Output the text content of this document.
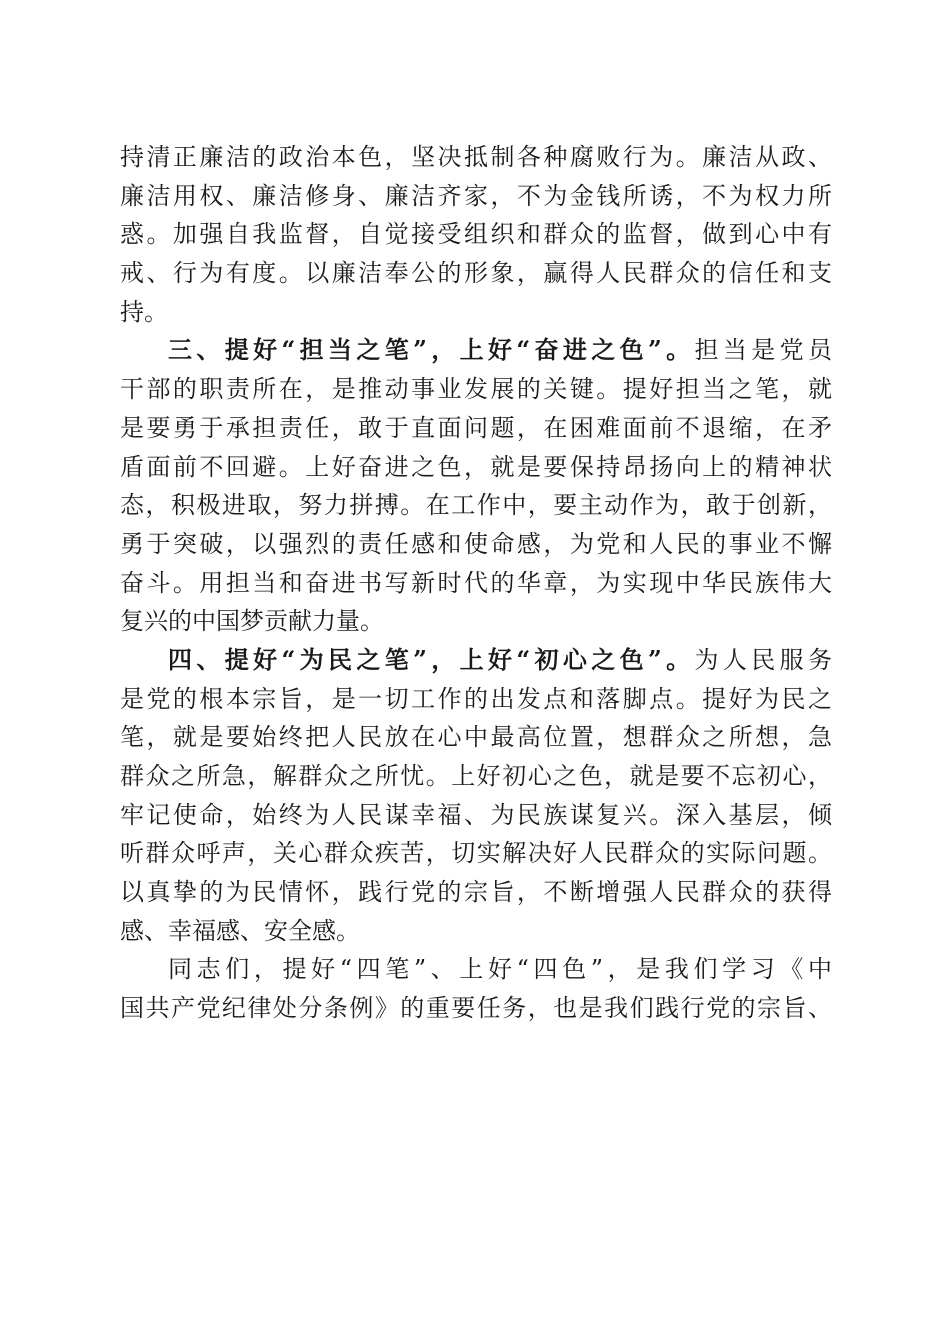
持清正廉洁的政治本色，坚决抵制各种腐败行为。廉洁从政、
廉洁用权、廉洁修身、廉洁齐家，不为金钱所诱，不为权力所
惑。加强自我监督，自觉接受组织和群众的监督，做到心中有
戒、行为有度。以廉洁奉公的形象，赢得人民群众的信任和支
持。
三、提好“担当之笔”，上好“奋进之色”。担当是党员
干部的职责所在，是推动事业发展的关键。提好担当之笔，就
是要勇于承担责任，敢于直面问题，在困难面前不退缩，在矛
盾面前不回避。上好奋进之色，就是要保持昂扬向上的精神状
态，积极进取，努力拼搏。在工作中，要主动作为，敢于创新，
勇于突破，以强烈的责任感和使命感，为党和人民的事业不懈
奋斗。用担当和奋进书写新时代的华章，为实现中华民族伟大
复兴的中国梦贡献力量。
四、提好“为民之笔”，上好“初心之色”。为人民服务
是党的根本宗旨，是一切工作的出发点和落脚点。提好为民之
笔，就是要始终把人民放在心中最高位置，想群众之所想，急
群众之所急，解群众之所忧。上好初心之色，就是要不忘初心，
牢记使命，始终为人民谋幸福、为民族谋复兴。深入基层，倾
听群众呼声，关心群众疾苦，切实解决好人民群众的实际问题。
以真挚的为民情怀，践行党的宗旨，不断增强人民群众的获得
感、幸福感、安全感。
同志们，提好“四笔”、上好“四色”，是我们学习《中
国共产党纪律处分条例》的重要任务，也是我们践行党的宗旨、
